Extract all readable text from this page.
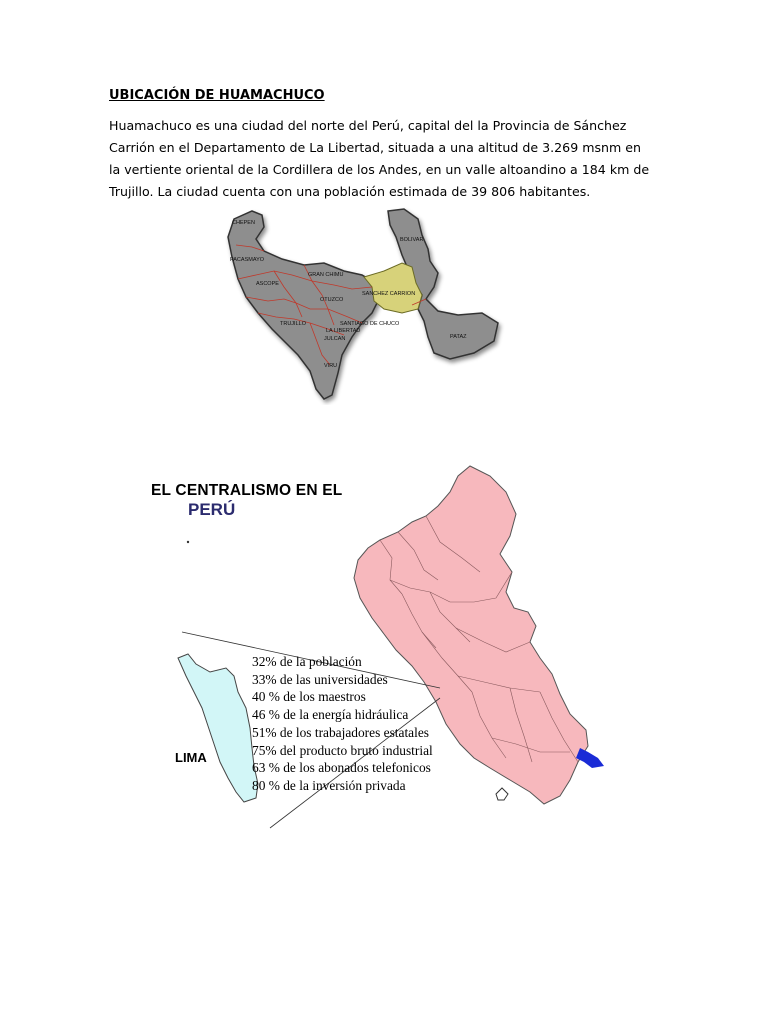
UBICACIÓN DE HUAMACHUCO

Huamachuco es una ciudad del norte del Perú, capital del la Provincia de Sánchez Carrión en el Departamento de La Libertad, situada a una altitud de 3.269 msnm en la vertiente oriental de la Cordillera de los Andes, en un valle altoandino a 184 km de Trujillo. La ciudad cuenta con una población estimada de 39 806 habitantes.

CHEPEN
PACASMAYO
GRAN CHIMU
ASCOPE
OTUZCO
SANCHEZ CARRION
BOLIVAR
TRUJILLO	SANTIAGO DE CHUCO
LA LIBERTAD
JULCAN	PATAZ
VIRU

EL CENTRALISMO EN EL

PERÚ

LIMA

32% de la población
33% de las universidades
40 % de los maestros
46 % de la energía hidráulica
51% de los trabajadores estatales
75% del producto bruto industrial
63 % de los abonados telefonicos
80 % de la inversión privada
